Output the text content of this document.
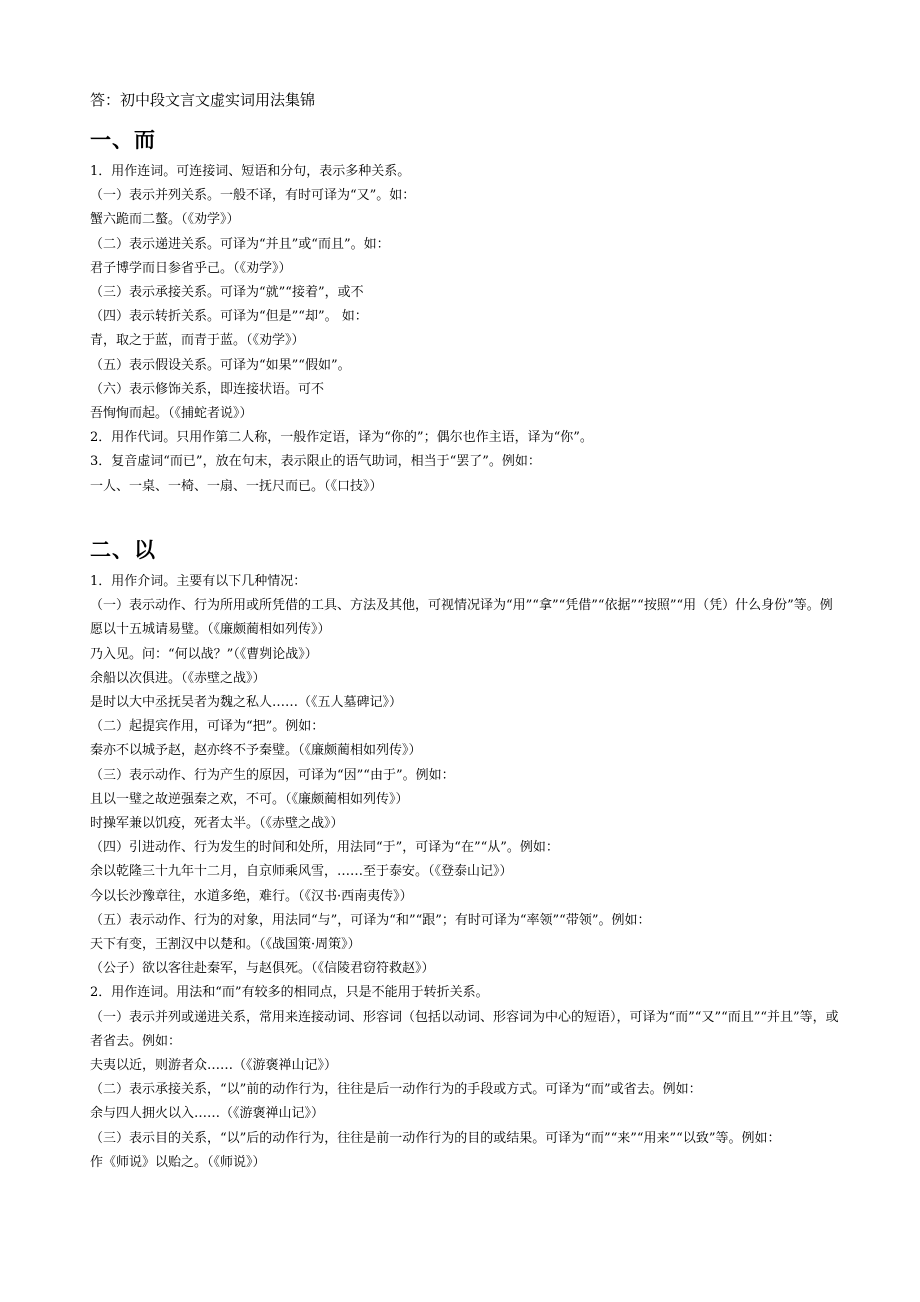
答：初中段文言文虚实词用法集锦
一、而
1．用作连词。可连接词、短语和分句，表示多种关系。
（一）表示并列关系。一般不译，有时可译为“又”。如：
蟹六跪而二螯。（《劝学》）
（二）表示递进关系。可译为“并且”或“而且”。如：
君子博学而日参省乎己。（《劝学》）
（三）表示承接关系。可译为“就”“接着”，或不
（四）表示转折关系。可译为“但是”“却”。 如：
青，取之于蓝，而青于蓝。（《劝学》）
（五）表示假设关系。可译为“如果”“假如”。
（六）表示修饰关系，即连接状语。可不
吾恂恂而起。（《捕蛇者说》）
2．用作代词。只用作第二人称，一般作定语，译为“你的”；偶尔也作主语，译为“你”。
3．复音虚词“而已”，放在句末，表示限止的语气助词，相当于“罢了”。例如：
一人、一桌、一椅、一扇、一抚尺而已。（《口技》）
二、以
1．用作介词。主要有以下几种情况：
（一）表示动作、行为所用或所凭借的工具、方法及其他，可视情况译为“用”“拿”“凭借”“依据”“按照”“用（凭）什么身份”等。例
愿以十五城请易璧。（《廉颇蔺相如列传》）
乃入见。问：“何以战？”（《曹刿论战》）
余船以次俱进。（《赤壁之战》）
是时以大中丞抚吴者为魏之私人……（《五人墓碑记》）
（二）起提宾作用，可译为“把”。例如：
秦亦不以城予赵，赵亦终不予秦璧。（《廉颇蔺相如列传》）
（三）表示动作、行为产生的原因，可译为“因”“由于”。例如：
且以一璧之故逆强秦之欢，不可。（《廉颇蔺相如列传》）
时操军兼以饥疫，死者太半。（《赤壁之战》）
（四）引进动作、行为发生的时间和处所，用法同“于”，可译为“在”“从”。例如：
余以乾隆三十九年十二月，自京师乘风雪，……至于泰安。（《登泰山记》）
今以长沙豫章往，水道多绝，难行。（《汉书·西南夷传》）
（五）表示动作、行为的对象，用法同“与”，可译为“和”“跟”；有时可译为“率领”“带领”。例如：
天下有变，王割汉中以楚和。（《战国策·周策》）
（公子）欲以客往赴秦军，与赵俱死。（《信陵君窃符救赵》）
2．用作连词。用法和“而”有较多的相同点，只是不能用于转折关系。
（一）表示并列或递进关系，常用来连接动词、形容词（包括以动词、形容词为中心的短语），可译为“而”“又”“而且”“并且”等，或者省去。例如：
夫夷以近，则游者众……（《游褒禅山记》）
（二）表示承接关系，“以”前的动作行为，往往是后一动作行为的手段或方式。可译为“而”或省去。例如：
余与四人拥火以入……（《游褒禅山记》）
（三）表示目的关系，“以”后的动作行为，往往是前一动作行为的目的或结果。可译为“而”“来”“用来”“以致”等。例如：
作《师说》以贻之。（《师说》）
